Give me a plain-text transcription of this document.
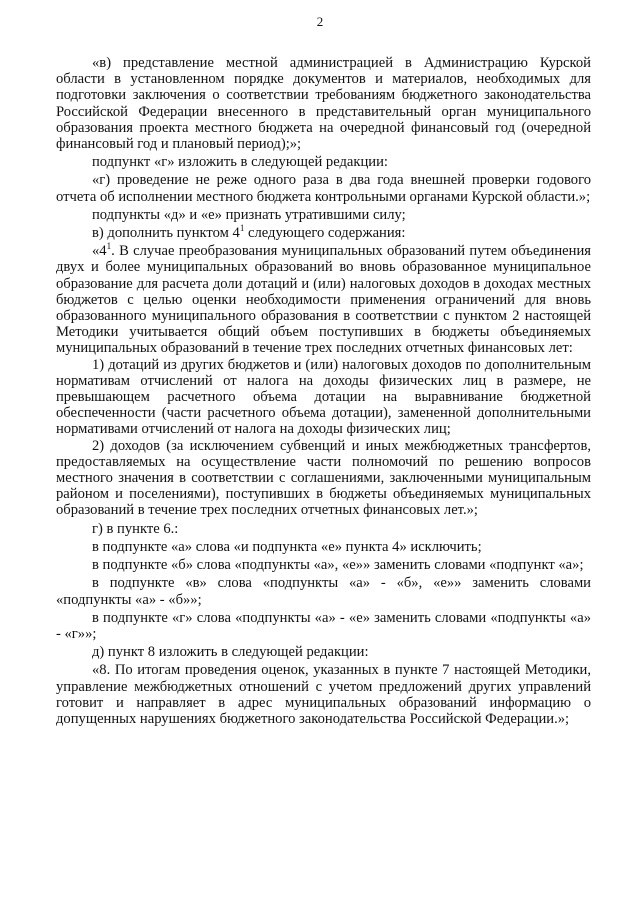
2

«в) представление местной администрацией в Администрацию Курской области в установленном порядке документов и материалов, необходимых для подготовки заключения о соответствии требованиям бюджетного законодательства Российской Федерации внесенного в представительный орган муниципального образования проекта местного бюджета на очередной финансовый год (очередной финансовый год и плановый период);»;

подпункт «г» изложить в следующей редакции:

«г) проведение не реже одного раза в два года внешней проверки годового отчета об исполнении местного бюджета контрольными органами Курской области.»;

подпункты «д» и «е» признать утратившими силу;

в) дополнить пунктом $4^1$ следующего содержания:

«$4^1$. В случае преобразования муниципальных образований путем объединения двух и более муниципальных образований во вновь образованное муниципальное образование для расчета доли дотаций и (или) налоговых доходов в доходах местных бюджетов с целью оценки необходимости применения ограничений для вновь образованного муниципального образования в соответствии с пунктом 2 настоящей Методики учитывается общий объем поступивших в бюджеты объединяемых муниципальных образований в течение трех последних отчетных финансовых лет:

1) дотаций из других бюджетов и (или) налоговых доходов по дополнительным нормативам отчислений от налога на доходы физических лиц в размере, не превышающем расчетного объема дотации на выравнивание бюджетной обеспеченности (части расчетного объема дотации), замененной дополнительными нормативами отчислений от налога на доходы физических лиц;

2) доходов (за исключением субвенций и иных межбюджетных трансфертов, предоставляемых на осуществление части полномочий по решению вопросов местного значения в соответствии с соглашениями, заключенными муниципальным районом и поселениями), поступивших в бюджеты объединяемых муниципальных образований в течение трех последних отчетных финансовых лет.»;

г) в пункте 6.:

в подпункте «а» слова «и подпункта «е» пункта 4» исключить;

в подпункте «б» слова «подпункты «а», «е»» заменить словами «подпункт «а»;

в подпункте «в» слова «подпункты «а» - «б», «е»» заменить словами «подпункты «а» - «б»»;

в подпункте «г» слова «подпункты «а» - «е» заменить словами «подпункты «а» - «г»»;

д) пункт 8 изложить в следующей редакции:

«8. По итогам проведения оценок, указанных в пункте 7 настоящей Методики, управление межбюджетных отношений с учетом предложений других управлений готовит и направляет в адрес муниципальных образований информацию о допущенных нарушениях бюджетного законодательства Российской Федерации.»;
